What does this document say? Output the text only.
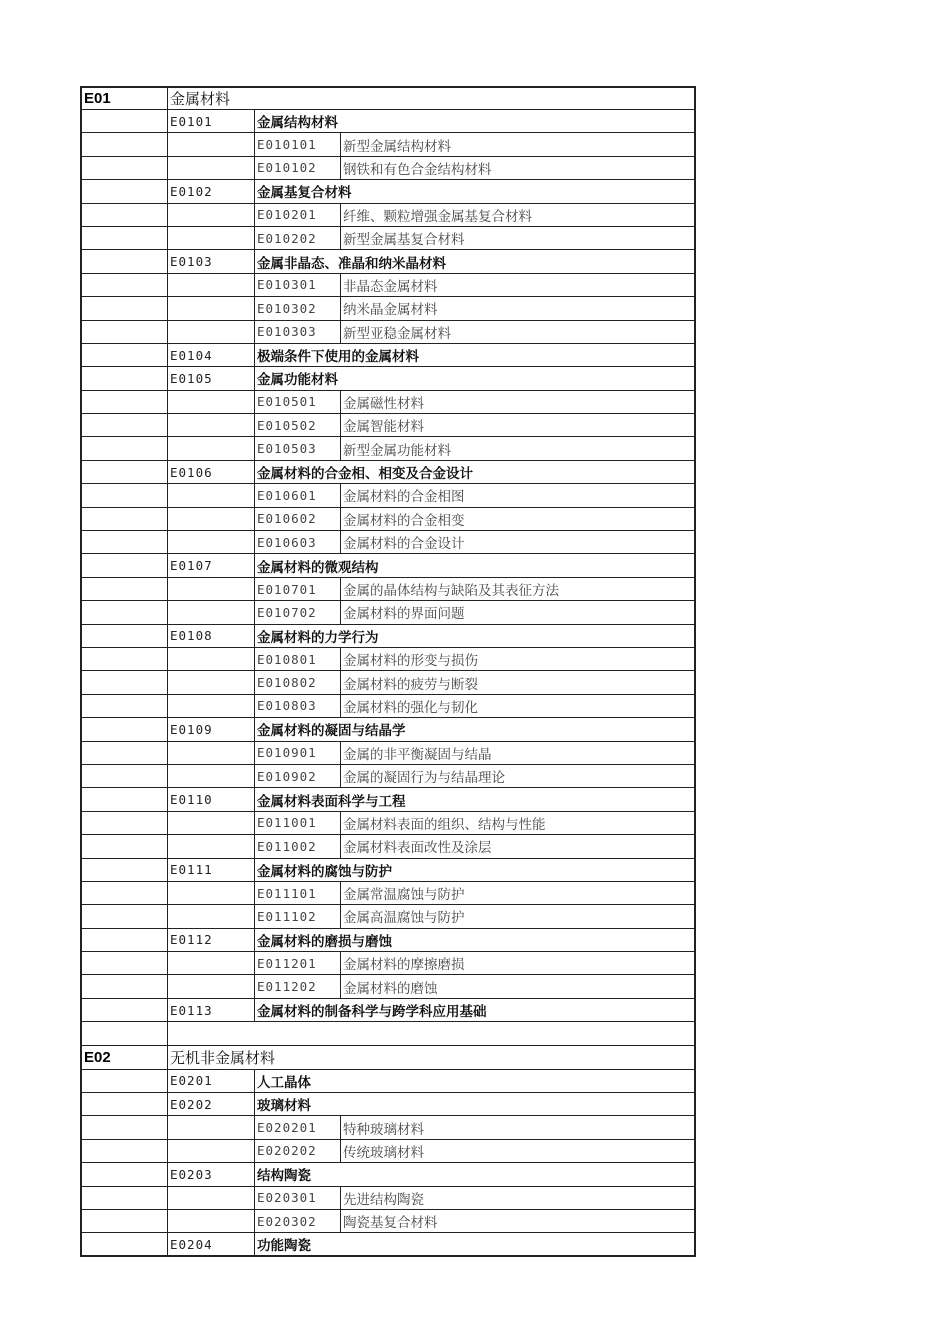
E01	金属材料
E0101	金属结构材料
E010101 新型金属结构材料
E010102 钢铁和有色合金结构材料
E0102	金属基复合材料
E010201 纤维、颗粒增强金属基复合材料
E010202 新型金属基复合材料
E0103	金属非晶态、准晶和纳米晶材料
E010301 非晶态金属材料
E010302 纳米晶金属材料
E010303 新型亚稳金属材料
E0104	极端条件下使用的金属材料
E0105	金属功能材料
E010501 金属磁性材料
E010502 金属智能材料
E010503 新型金属功能材料
E0106	金属材料的合金相、相变及合金设计
E010601 金属材料的合金相图
E010602 金属材料的合金相变
E010603 金属材料的合金设计
E0107	金属材料的微观结构
E010701 金属的晶体结构与缺陷及其表征方法
E010702 金属材料的界面问题
E0108	金属材料的力学行为
E010801 金属材料的形变与损伤
E010802 金属材料的疲劳与断裂
E010803 金属材料的强化与韧化
E0109	金属材料的凝固与结晶学
E010901 金属的非平衡凝固与结晶
E010902 金属的凝固行为与结晶理论
E0110	金属材料表面科学与工程
E011001 金属材料表面的组织、结构与性能
E011002 金属材料表面改性及涂层
E0111	金属材料的腐蚀与防护
E011101 金属常温腐蚀与防护
E011102 金属高温腐蚀与防护
E0112	金属材料的磨损与磨蚀
E011201 金属材料的摩擦磨损
E011202 金属材料的磨蚀
E0113	金属材料的制备科学与跨学科应用基础
E02	无机非金属材料
E0201	人工晶体
E0202	玻璃材料
E020201 特种玻璃材料
E020202 传统玻璃材料
E0203	结构陶瓷
E020301 先进结构陶瓷
E020302 陶瓷基复合材料
E0204	功能陶瓷
